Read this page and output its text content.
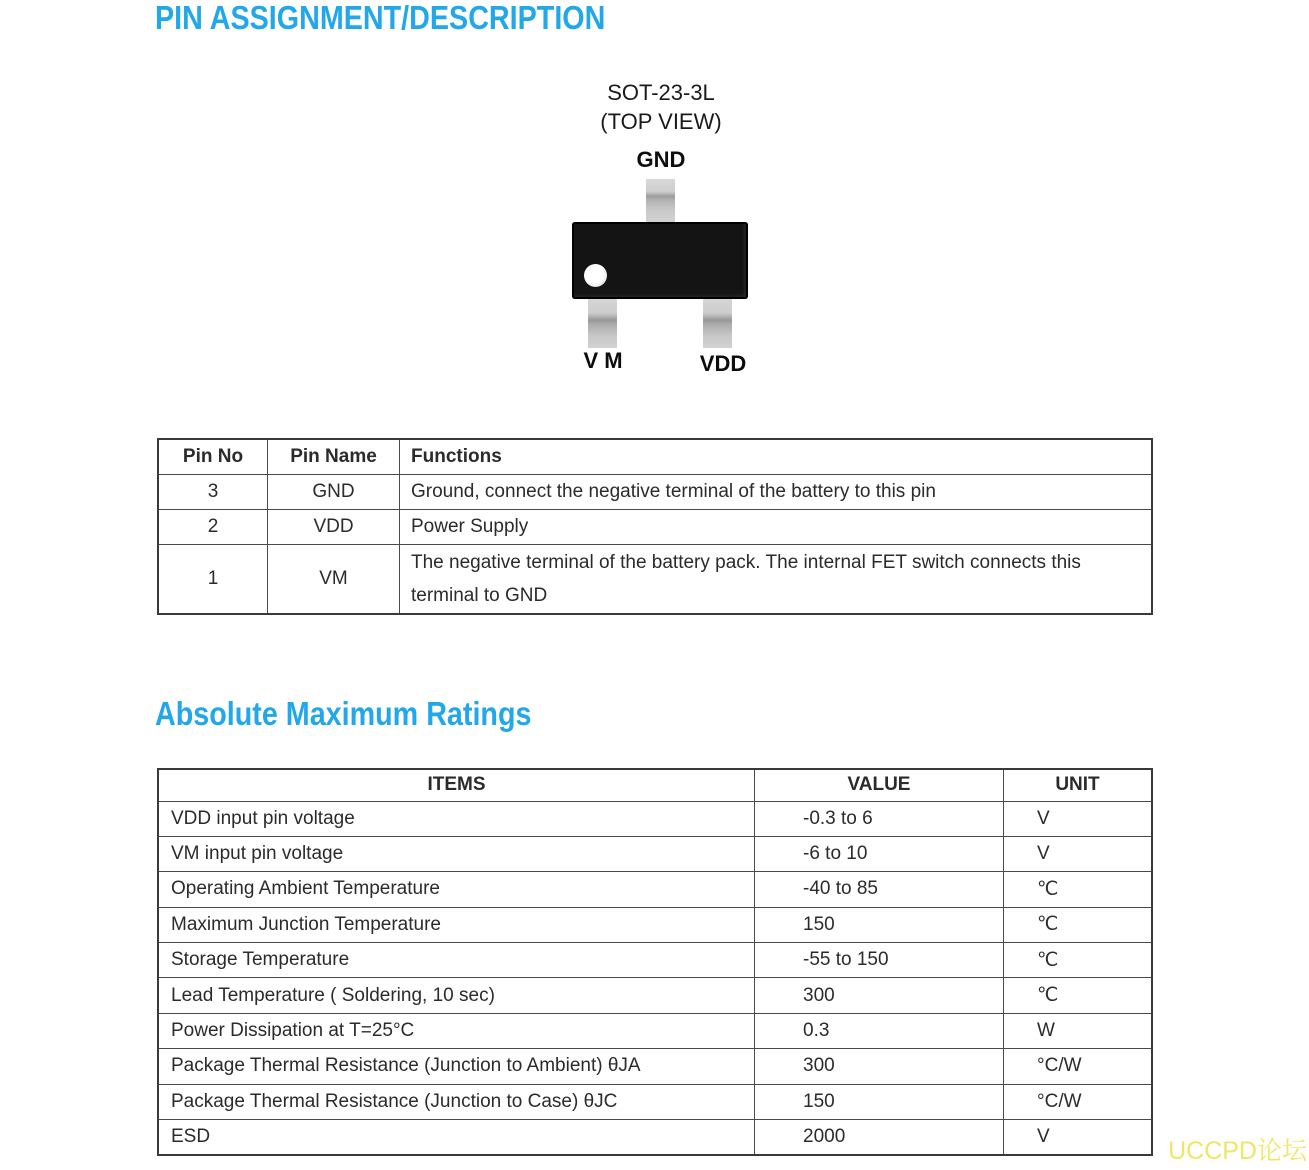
PIN ASSIGNMENT/DESCRIPTION
SOT-23-3L
(TOP VIEW)
GND
V M	VDD
Pin No	Pin Name	Functions
3	GND	Ground, connect the negative terminal of the battery to this pin
2	VDD	Power Supply
1	VM	The negative terminal of the battery pack. The internal FET switch connects this terminal to GND
Absolute Maximum Ratings
ITEMS	VALUE	UNIT
VDD input pin voltage	-0.3 to 6	V
VM input pin voltage	-6 to 10	V
Operating Ambient Temperature	-40 to 85	℃
Maximum Junction Temperature	150	℃
Storage Temperature	-55 to 150	℃
Lead Temperature ( Soldering, 10 sec)	300	℃
Power Dissipation at T=25°C	0.3	W
Package Thermal Resistance (Junction to Ambient) θJA	300	°C/W
Package Thermal Resistance (Junction to Case) θJC	150	°C/W
ESD	2000	V
UCCPD论坛
